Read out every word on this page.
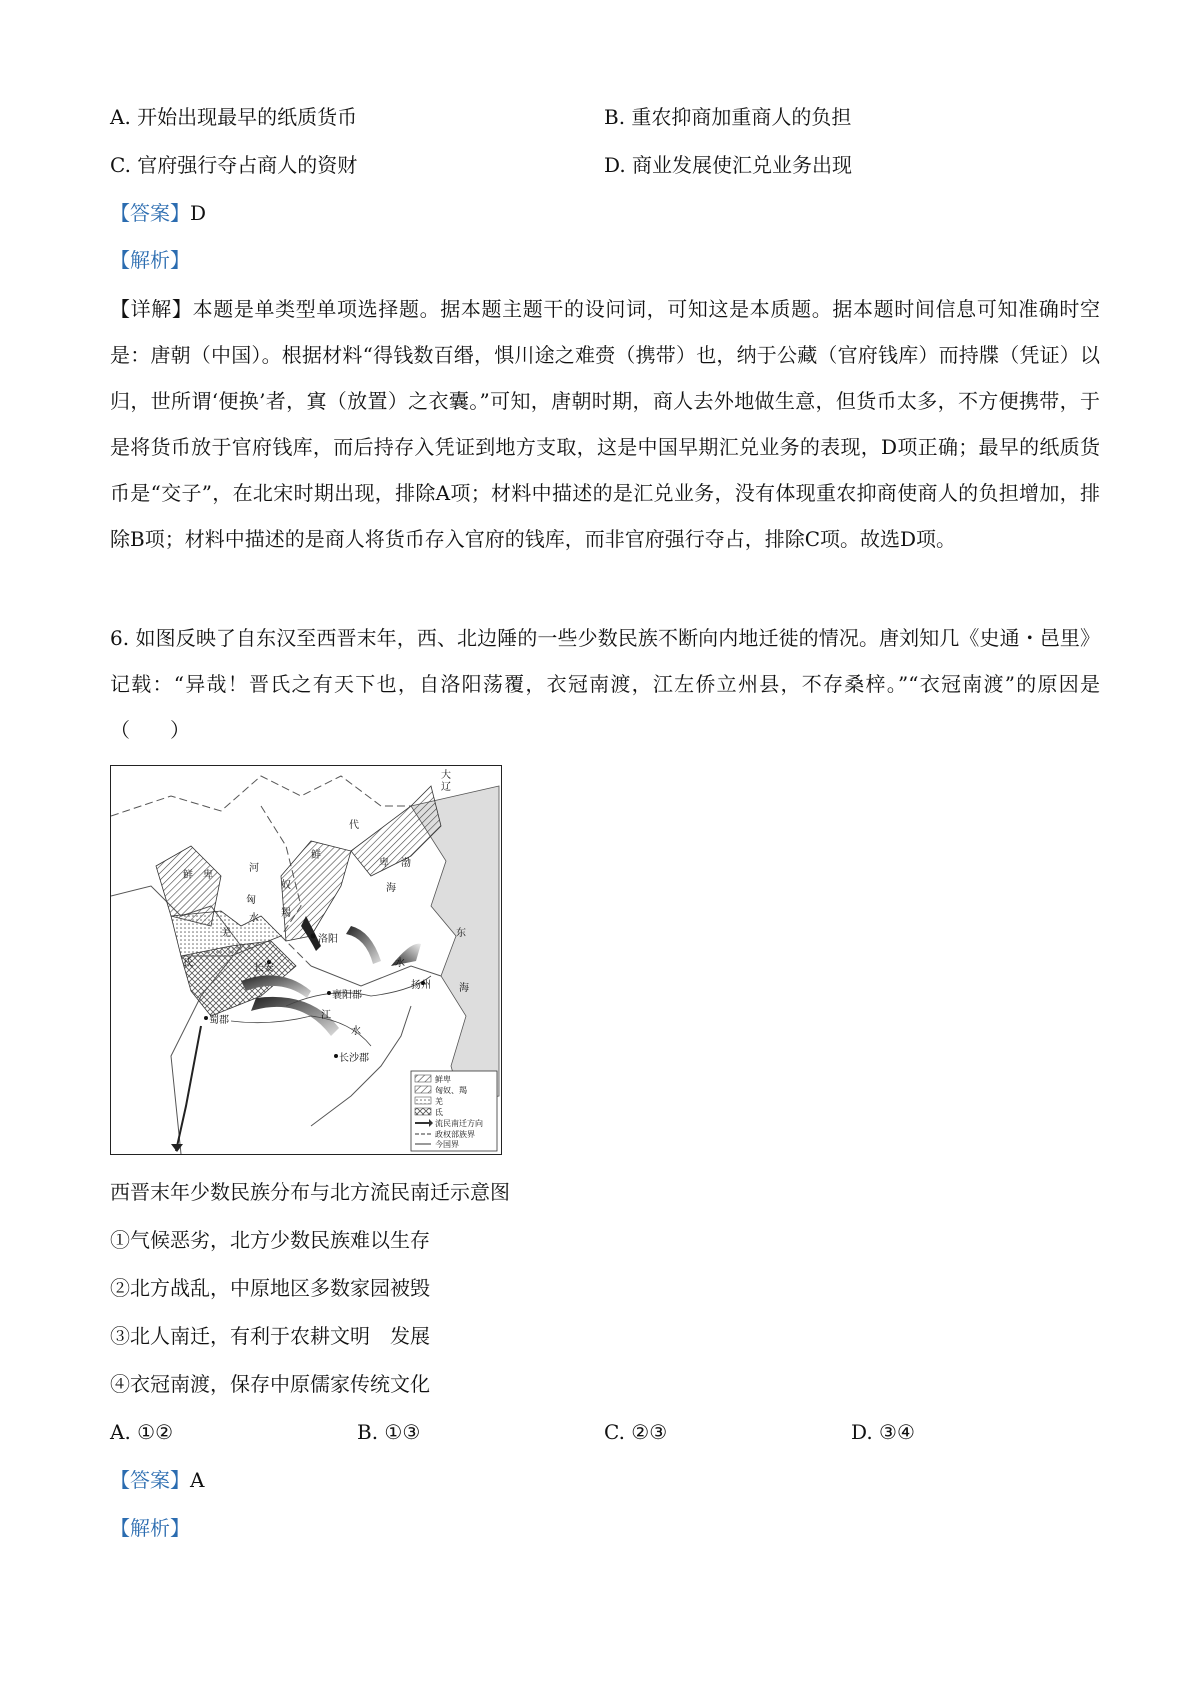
A. 开始出现最早的纸质货币	B. 重农抑商加重商人的负担
C. 官府强行夺占商人的资财	D. 商业发展使汇兑业务出现
【答案】D
【解析】
【详解】本题是单类型单项选择题。据本题主题干的设问词，可知这是本质题。据本题时间信息可知准确时空是：唐朝（中国）。根据材料“得钱数百缗，惧川途之难赍（携带）也，纳于公藏（官府钱库）而持牒（凭证）以归，世所谓‘便换’者，寘（放置）之衣囊。”可知，唐朝时期，商人去外地做生意，但货币太多，不方便携带，于是将货币放于官府钱库，而后持存入凭证到地方支取，这是中国早期汇兑业务的表现，D项正确；最早的纸质货币是“交子”，在北宋时期出现，排除A项；材料中描述的是汇兑业务，没有体现重农抑商使商人的负担增加，排除B项；材料中描述的是商人将货币存入官府的钱库，而非官府强行夺占，排除C项。故选D项。
6. 如图反映了自东汉至西晋末年，西、北边陲的一些少数民族不断向内地迁徙的情况。唐刘知几《史通・邑里》记载：“异哉！晋氏之有天下也，自洛阳荡覆，衣冠南渡，江左侨立州县，不存桑梓。”“衣冠南渡”的原因是（　　）
鲜
卑
鲜 卑
匈
奴
羯
羌
氐
洛阳
长安
襄阳郡
蜀郡
长沙郡
扬州
渤
海
东
海
江
水
河
水
水
代
大
辽
鲜卑
匈奴、羯
羌
氐
流民南迁方向
政权部族界
今国界
西晋末年少数民族分布与北方流民南迁示意图
①气候恶劣，北方少数民族难以生存
②北方战乱，中原地区多数家园被毁
③北人南迁，有利于农耕文明　发展
④衣冠南渡，保存中原儒家传统文化
A. ①②	B. ①③	C. ②③	D. ③④
【答案】A
【解析】
